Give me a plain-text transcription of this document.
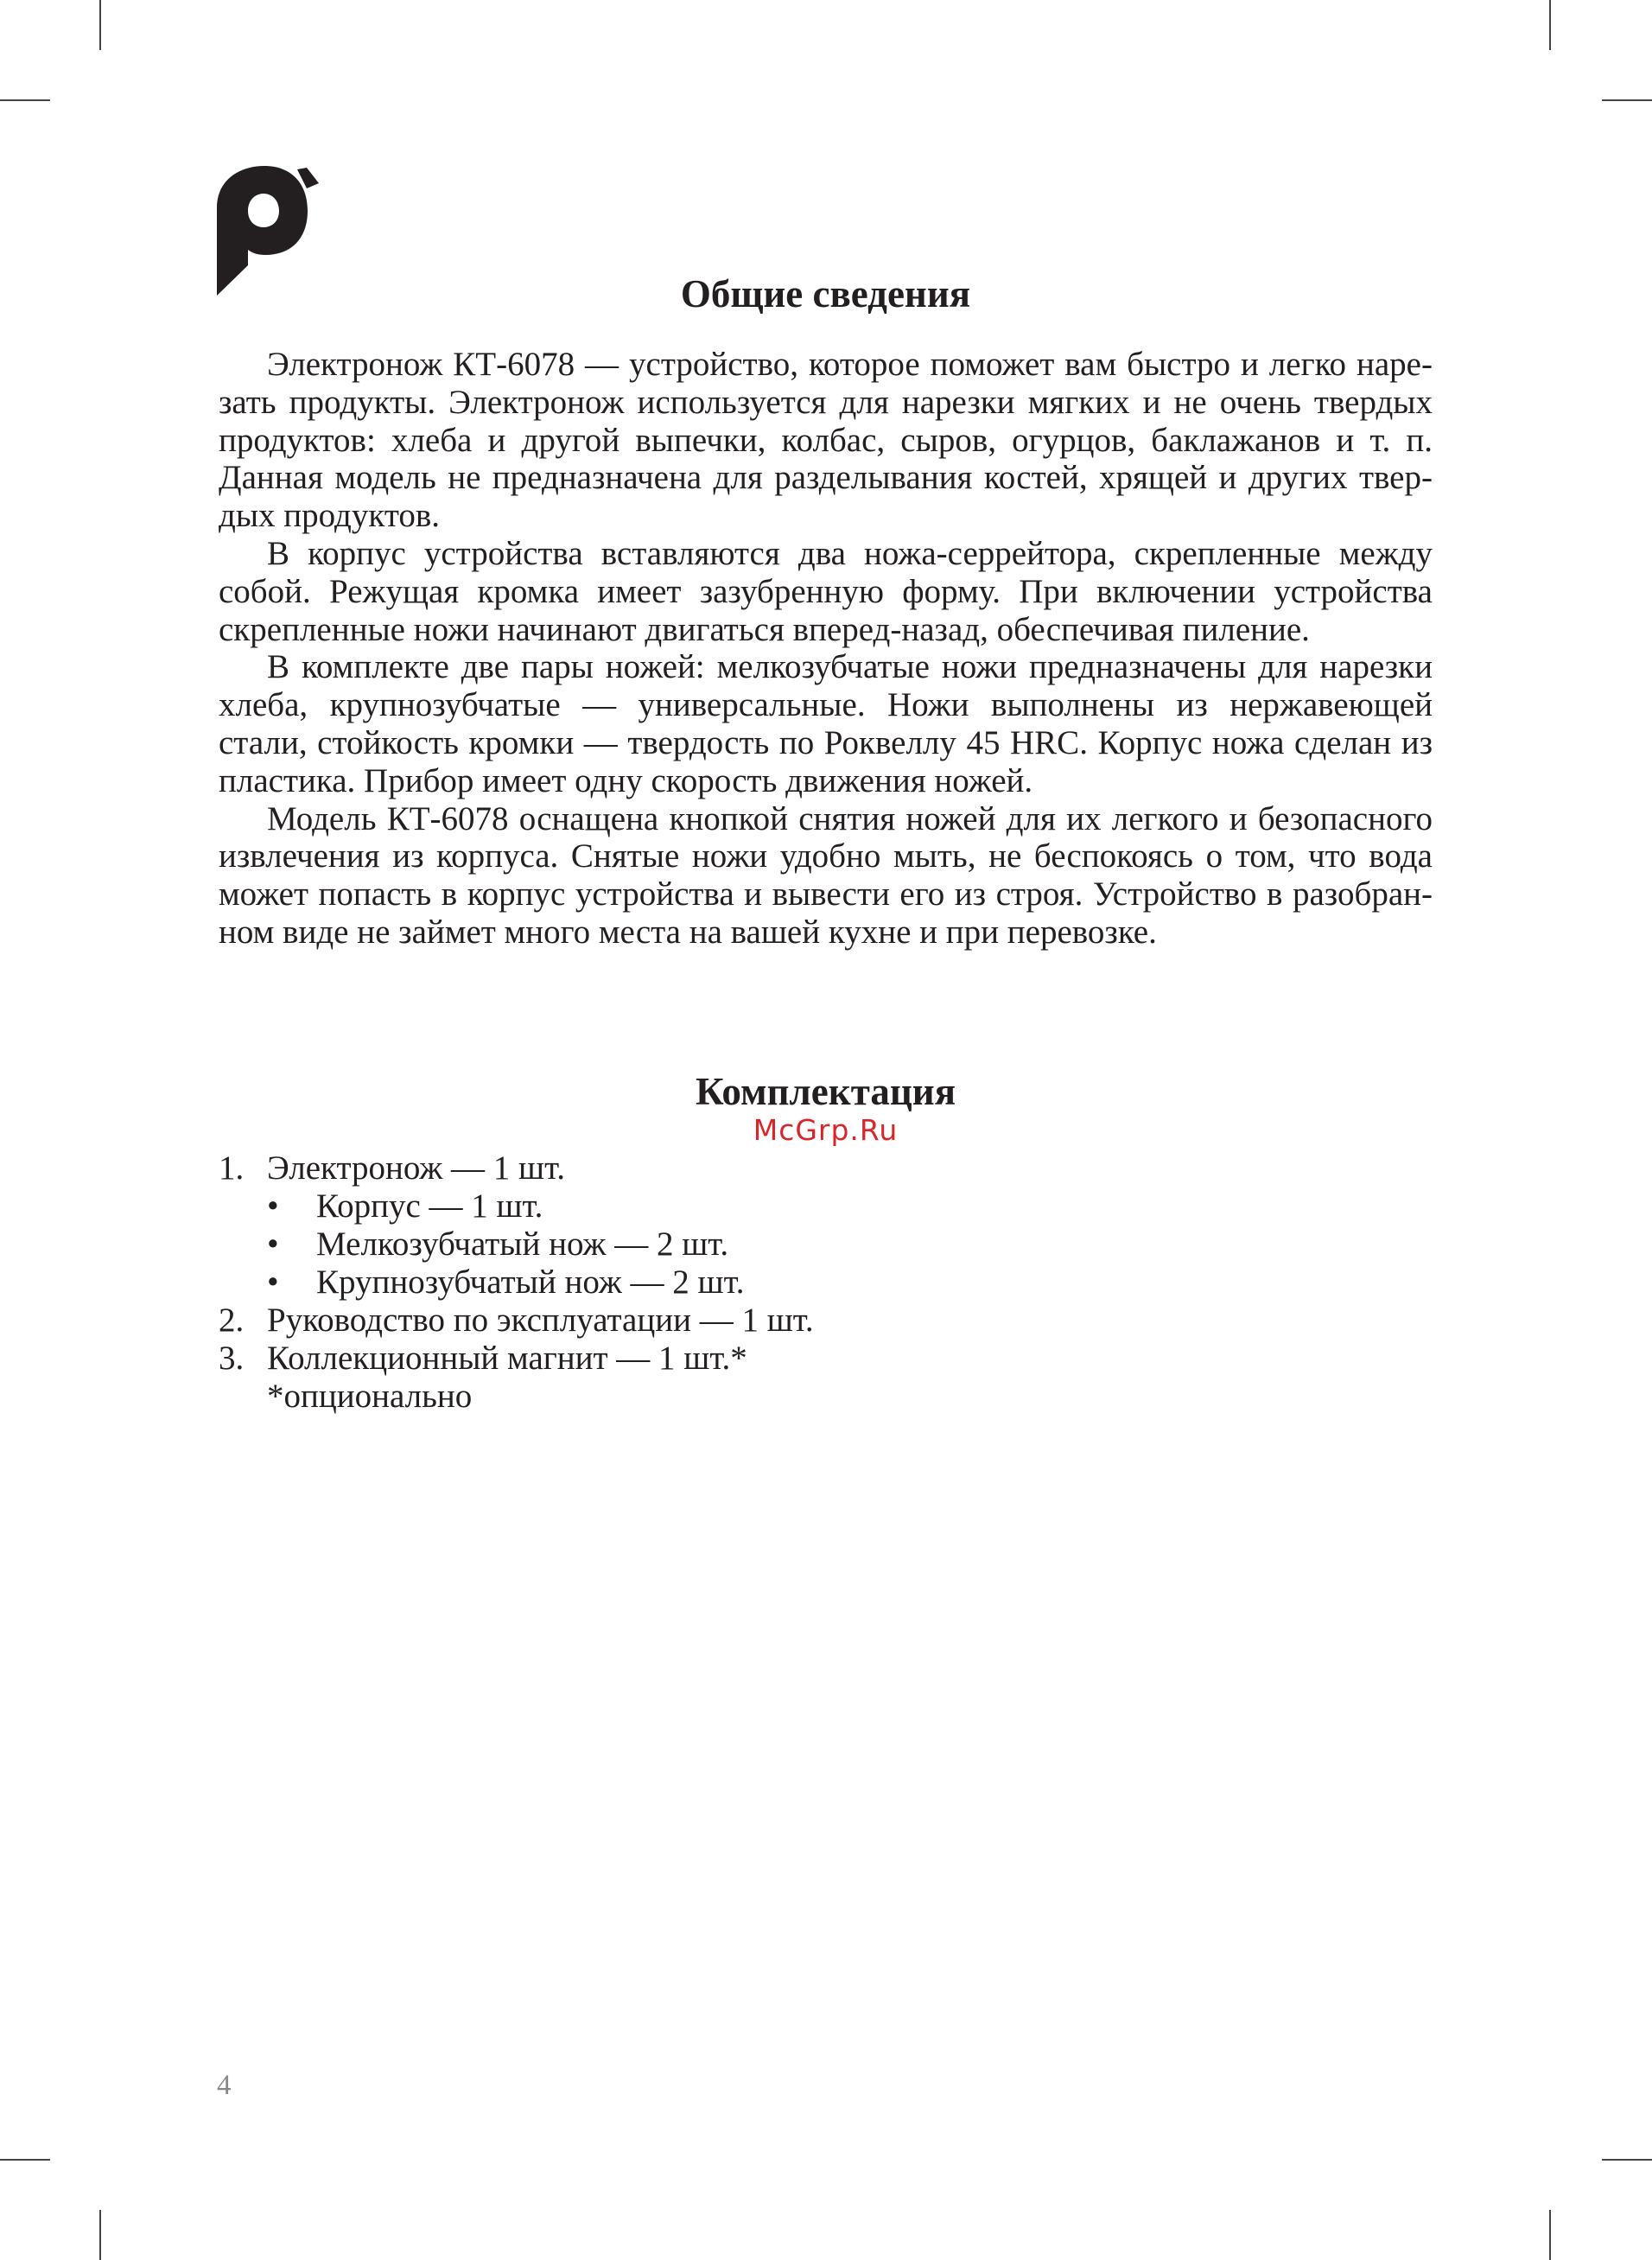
Общие сведения

Электронож КТ-6078 — устройство, которое поможет вам быстро и легко нарезать продукты. Электронож используется для нарезки мягких и не очень твердых продуктов: хлеба и другой выпечки, колбас, сыров, огурцов, баклажанов и т. п. Данная модель не предназначена для разделывания костей, хрящей и других твердых продуктов.

В корпус устройства вставляются два ножа-серрейтора, скрепленные между собой. Режущая кромка имеет зазубренную форму. При включении устройства скрепленные ножи начинают двигаться вперед-назад, обеспечивая пиление.

В комплекте две пары ножей: мелкозубчатые ножи предназначены для нарезки хлеба, крупнозубчатые — универсальные. Ножи выполнены из нержавеющей стали, стойкость кромки — твердость по Роквеллу 45 HRC. Корпус ножа сделан из пластика. Прибор имеет одну скорость движения ножей.

Модель КТ-6078 оснащена кнопкой снятия ножей для их легкого и безопасного извлечения из корпуса. Снятые ножи удобно мыть, не беспокоясь о том, что вода может попасть в корпус устройства и вывести его из строя. Устройство в разобранном виде не займет много места на вашей кухне и при перевозке.

Комплектация
McGrp.Ru
1. Электронож — 1 шт.
• Корпус — 1 шт.
• Мелкозубчатый нож — 2 шт.
• Крупнозубчатый нож — 2 шт.
2. Руководство по эксплуатации — 1 шт.
3. Коллекционный магнит — 1 шт.*
*опционально
4
